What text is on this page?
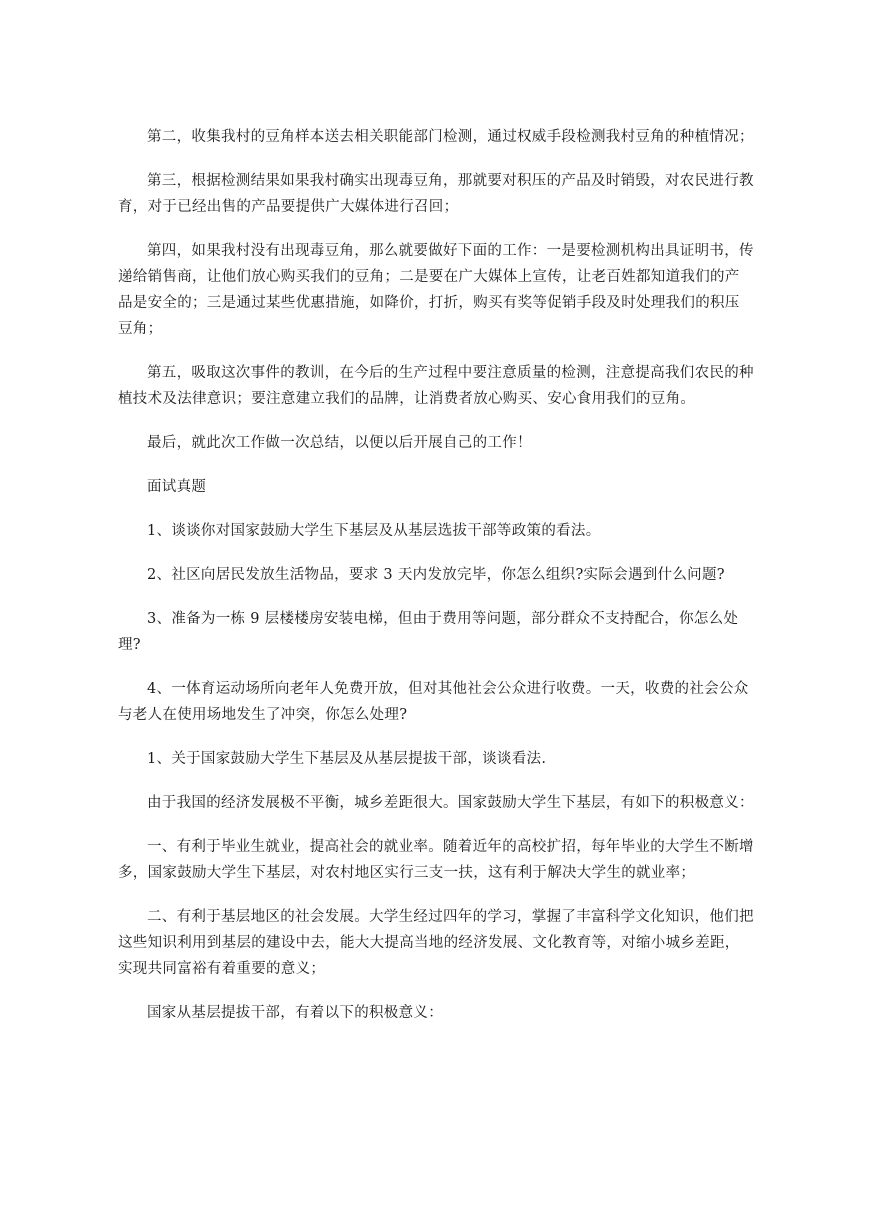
第二，收集我村的豆角样本送去相关职能部门检测，通过权威手段检测我村豆角的种植情况；

第三，根据检测结果如果我村确实出现毒豆角，那就要对积压的产品及时销毁，对农民进行教育，对于已经出售的产品要提供广大媒体进行召回；

第四，如果我村没有出现毒豆角，那么就要做好下面的工作：一是要检测机构出具证明书，传递给销售商，让他们放心购买我们的豆角；二是要在广大媒体上宣传，让老百姓都知道我们的产品是安全的；三是通过某些优惠措施，如降价，打折，购买有奖等促销手段及时处理我们的积压豆角；

第五，吸取这次事件的教训，在今后的生产过程中要注意质量的检测，注意提高我们农民的种植技术及法律意识；要注意建立我们的品牌，让消费者放心购买、安心食用我们的豆角。

最后，就此次工作做一次总结，以便以后开展自己的工作！

面试真题

1、谈谈你对国家鼓励大学生下基层及从基层选拔干部等政策的看法。

2、社区向居民发放生活物品，要求 3 天内发放完毕，你怎么组织?实际会遇到什么问题?

3、准备为一栋 9 层楼楼房安装电梯，但由于费用等问题，部分群众不支持配合，你怎么处理?

4、一体育运动场所向老年人免费开放，但对其他社会公众进行收费。一天，收费的社会公众与老人在使用场地发生了冲突，你怎么处理?

1、关于国家鼓励大学生下基层及从基层提拔干部，谈谈看法.

由于我国的经济发展极不平衡，城乡差距很大。国家鼓励大学生下基层，有如下的积极意义：

一、有利于毕业生就业，提高社会的就业率。随着近年的高校扩招，每年毕业的大学生不断增多，国家鼓励大学生下基层，对农村地区实行三支一扶，这有利于解决大学生的就业率；

二、有利于基层地区的社会发展。大学生经过四年的学习，掌握了丰富科学文化知识，他们把这些知识利用到基层的建设中去，能大大提高当地的经济发展、文化教育等，对缩小城乡差距，实现共同富裕有着重要的意义；

国家从基层提拔干部，有着以下的积极意义：
